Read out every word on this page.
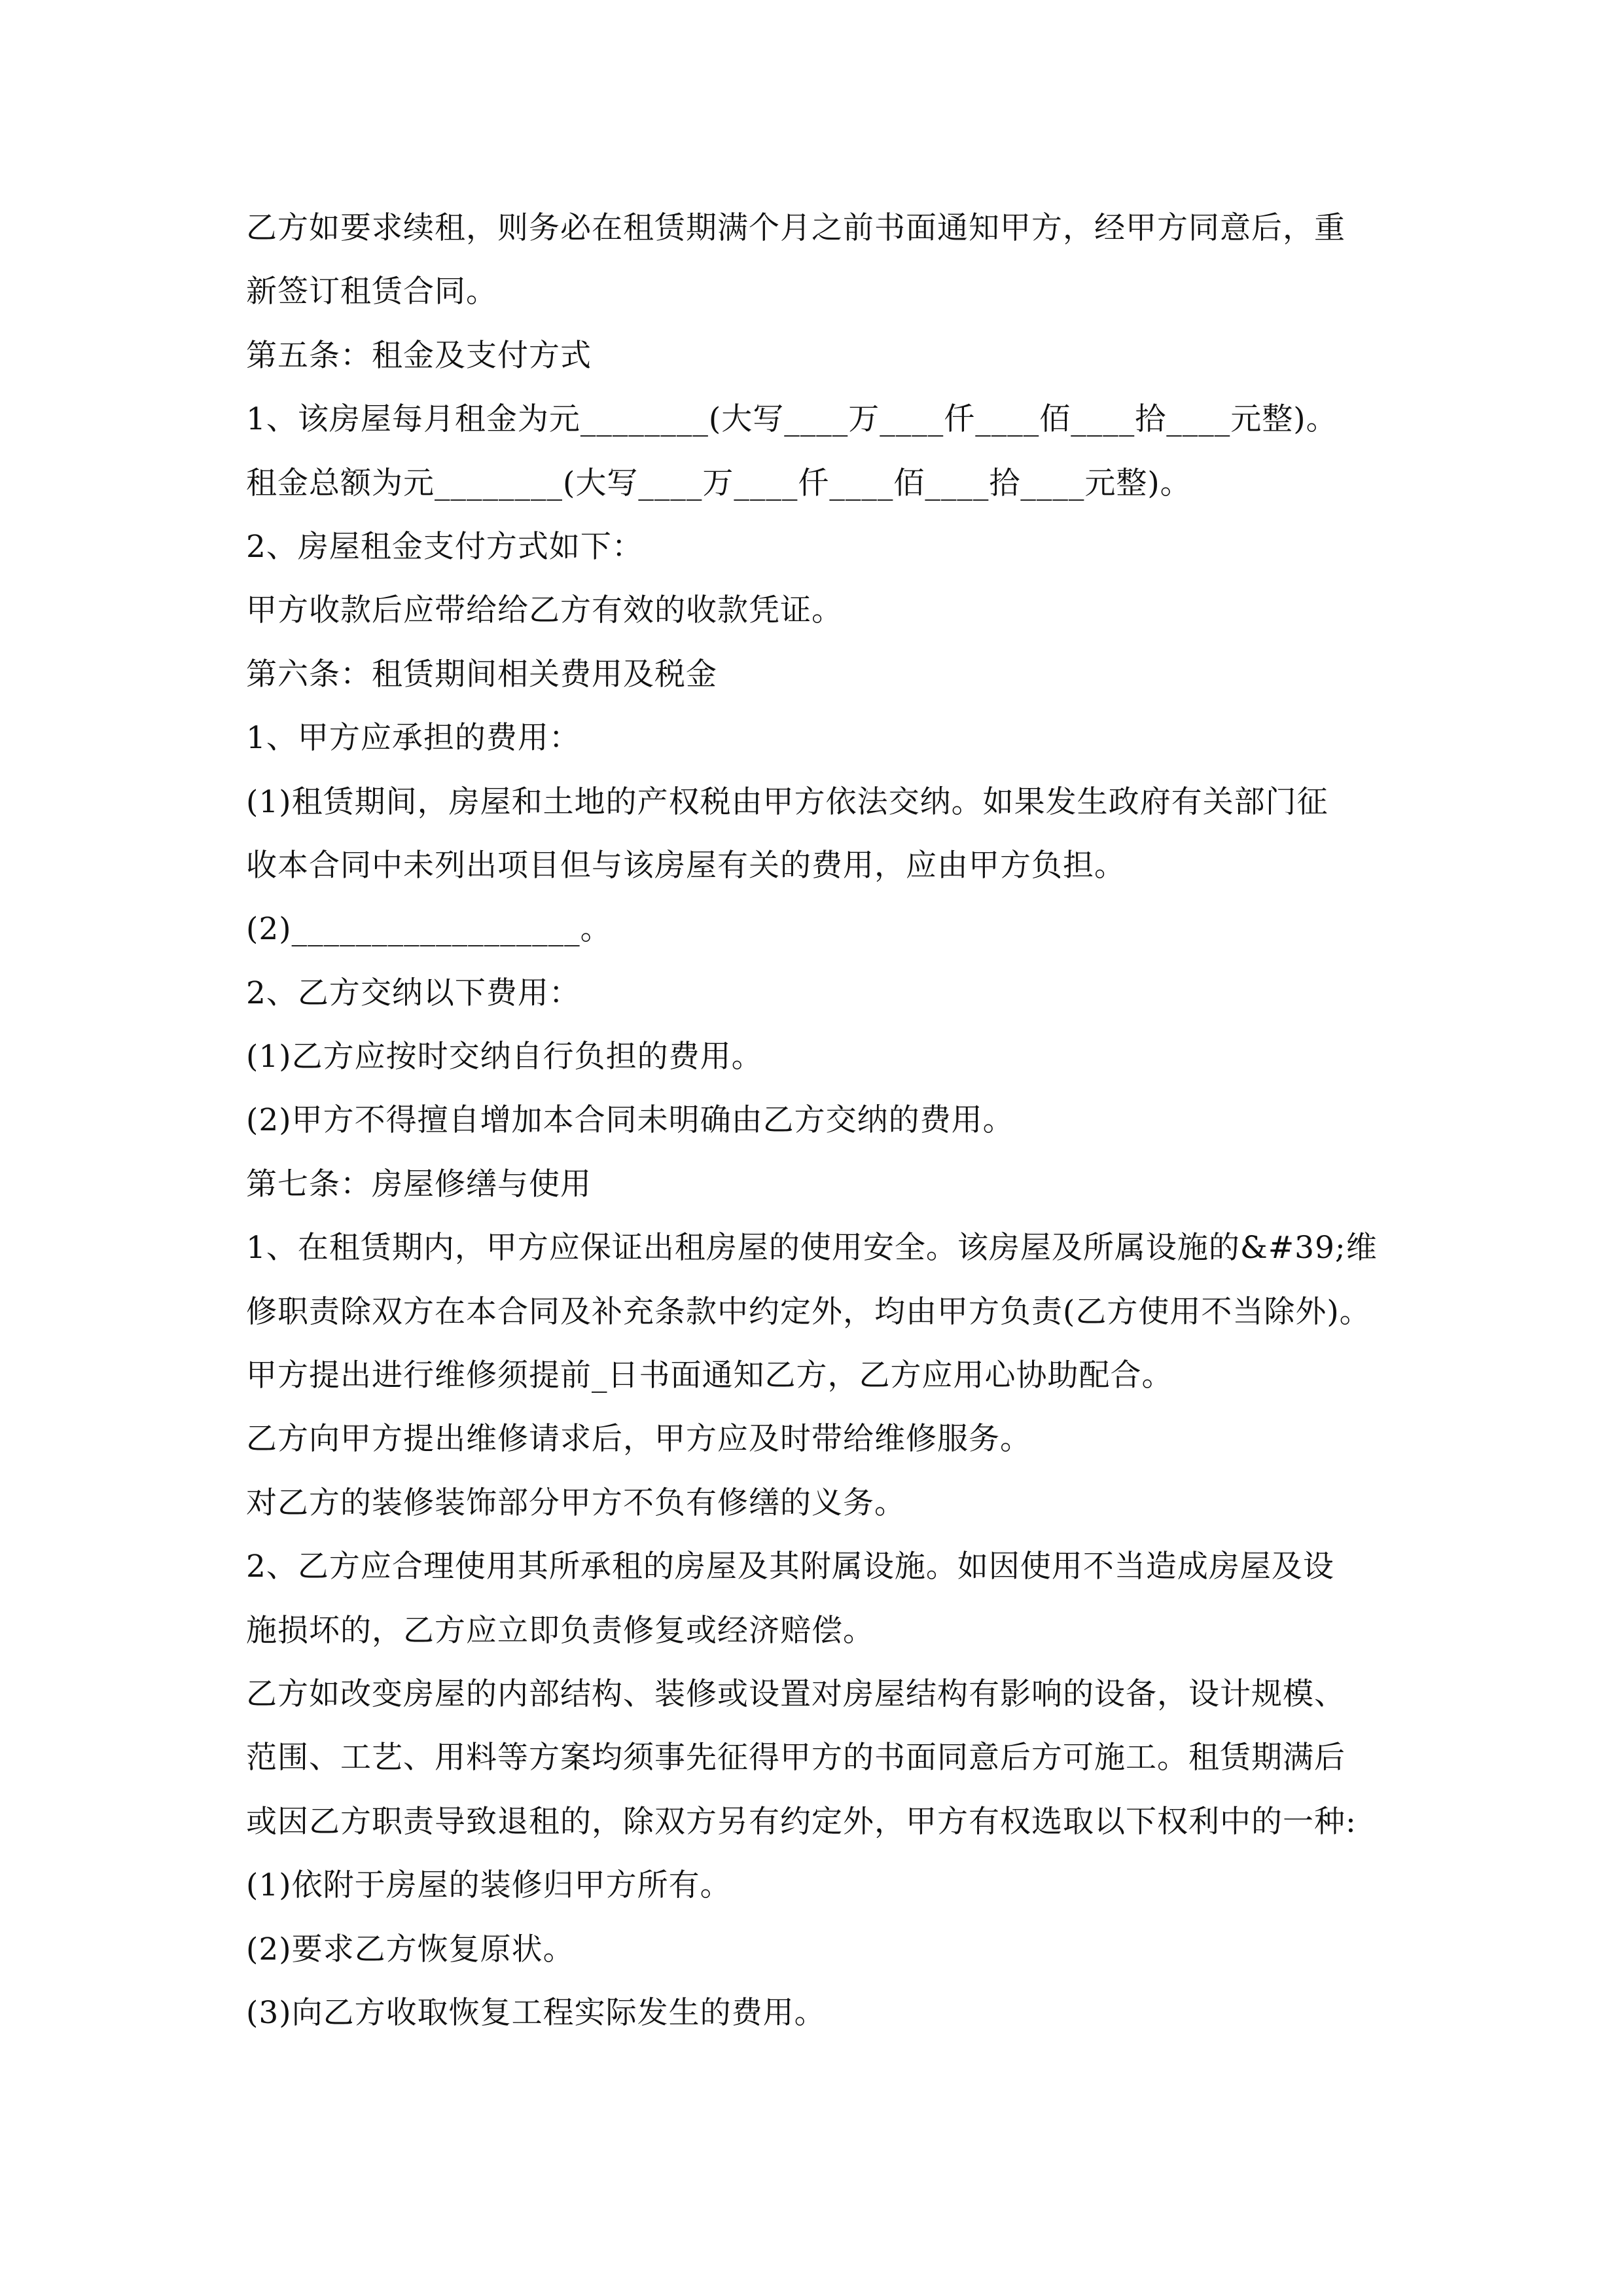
乙方如要求续租，则务必在租赁期满个月之前书面通知甲方，经甲方同意后，重
新签订租赁合同。
第五条：租金及支付方式
1、该房屋每月租金为元________(大写____万____仟____佰____拾____元整)。
租金总额为元________(大写____万____仟____佰____拾____元整)。
2、房屋租金支付方式如下：
甲方收款后应带给给乙方有效的收款凭证。
第六条：租赁期间相关费用及税金
1、甲方应承担的费用：
(1)租赁期间，房屋和土地的产权税由甲方依法交纳。如果发生政府有关部门征
收本合同中未列出项目但与该房屋有关的费用，应由甲方负担。
(2)__________________。
2、乙方交纳以下费用：
(1)乙方应按时交纳自行负担的费用。
(2)甲方不得擅自增加本合同未明确由乙方交纳的费用。
第七条：房屋修缮与使用
1、在租赁期内，甲方应保证出租房屋的使用安全。该房屋及所属设施的&#39;维
修职责除双方在本合同及补充条款中约定外，均由甲方负责(乙方使用不当除外)。
甲方提出进行维修须提前_日书面通知乙方，乙方应用心协助配合。
乙方向甲方提出维修请求后，甲方应及时带给维修服务。
对乙方的装修装饰部分甲方不负有修缮的义务。
2、乙方应合理使用其所承租的房屋及其附属设施。如因使用不当造成房屋及设
施损坏的，乙方应立即负责修复或经济赔偿。
乙方如改变房屋的内部结构、装修或设置对房屋结构有影响的设备，设计规模、
范围、工艺、用料等方案均须事先征得甲方的书面同意后方可施工。租赁期满后
或因乙方职责导致退租的，除双方另有约定外，甲方有权选取以下权利中的一种:
(1)依附于房屋的装修归甲方所有。
(2)要求乙方恢复原状。
(3)向乙方收取恢复工程实际发生的费用。
